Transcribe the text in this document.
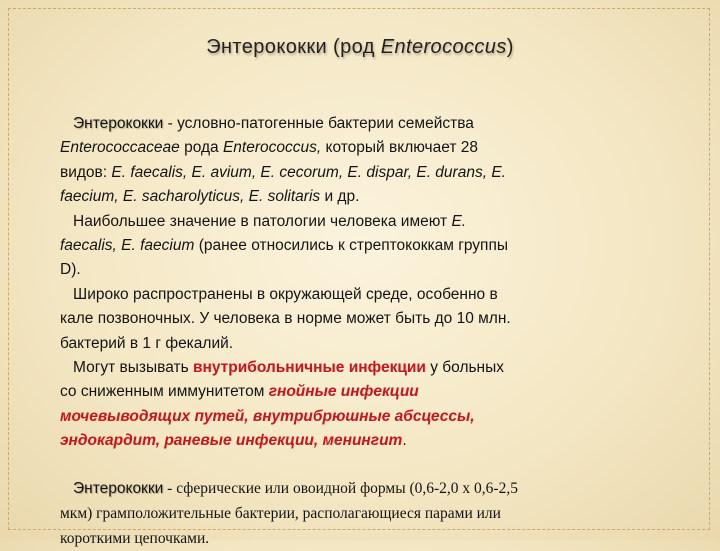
Энтерококки (род Enterococcus)

Энтерококки - условно-патогенные бактерии семейства

Enterococcaceae рода Enterococcus, который включает 28

видов: E. faecalis, E. avium, E. cecorum, E. dispar, E. durans, E.

faecium, E. sacharolyticus, E. solitaris и др.

Наибольшее значение в патологии человека имеют E.

faecalis, E. faecium (ранее относились к стрептококкам группы

D).

Широко распространены в окружающей среде, особенно в

кале позвоночных. У человека в норме может быть до 10 млн.

бактерий в 1 г фекалий.

Могут вызывать внутрибольничные инфекции у больных

со сниженным иммунитетом гнойные инфекции

мочевыводящих путей, внутрибрюшные абсцессы,

эндокардит, раневые инфекции, менингит.

Энтерококки - сферические или овоидной формы (0,6-2,0 х 0,6-2,5
мкм) грамположительные бактерии, располагающиеся парами или
короткими цепочками.
